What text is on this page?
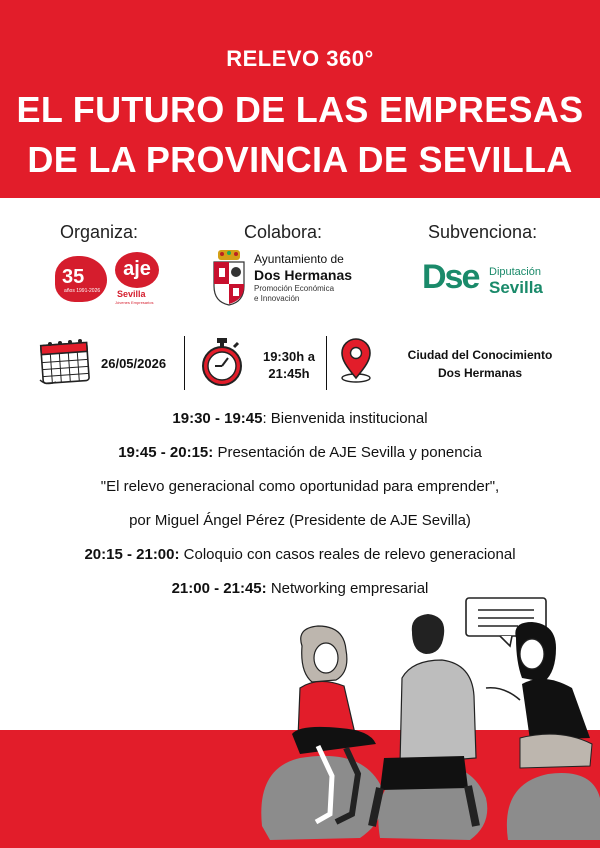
RELEVO 360°
EL FUTURO DE LAS EMPRESAS
DE LA PROVINCIA DE SEVILLA
Organiza:	Colabora:	Subvenciona:
35
años 1991-2026
aje
Sevilla
Jóvenes Empresarios
Ayuntamiento de
Dos Hermanas
Promoción Económica
e Innovación
Dse Diputación
Sevilla
26/05/2026	19:30h a
21:45h
Ciudad del Conocimiento
Dos Hermanas
19:30 - 19:45: Bienvenida institucional
19:45 - 20:15: Presentación de AJE Sevilla y ponencia
"El relevo generacional como oportunidad para emprender",
por Miguel Ángel Pérez (Presidente de AJE Sevilla)
20:15 - 21:00: Coloquio con casos reales de relevo generacional
21:00 - 21:45: Networking empresarial
